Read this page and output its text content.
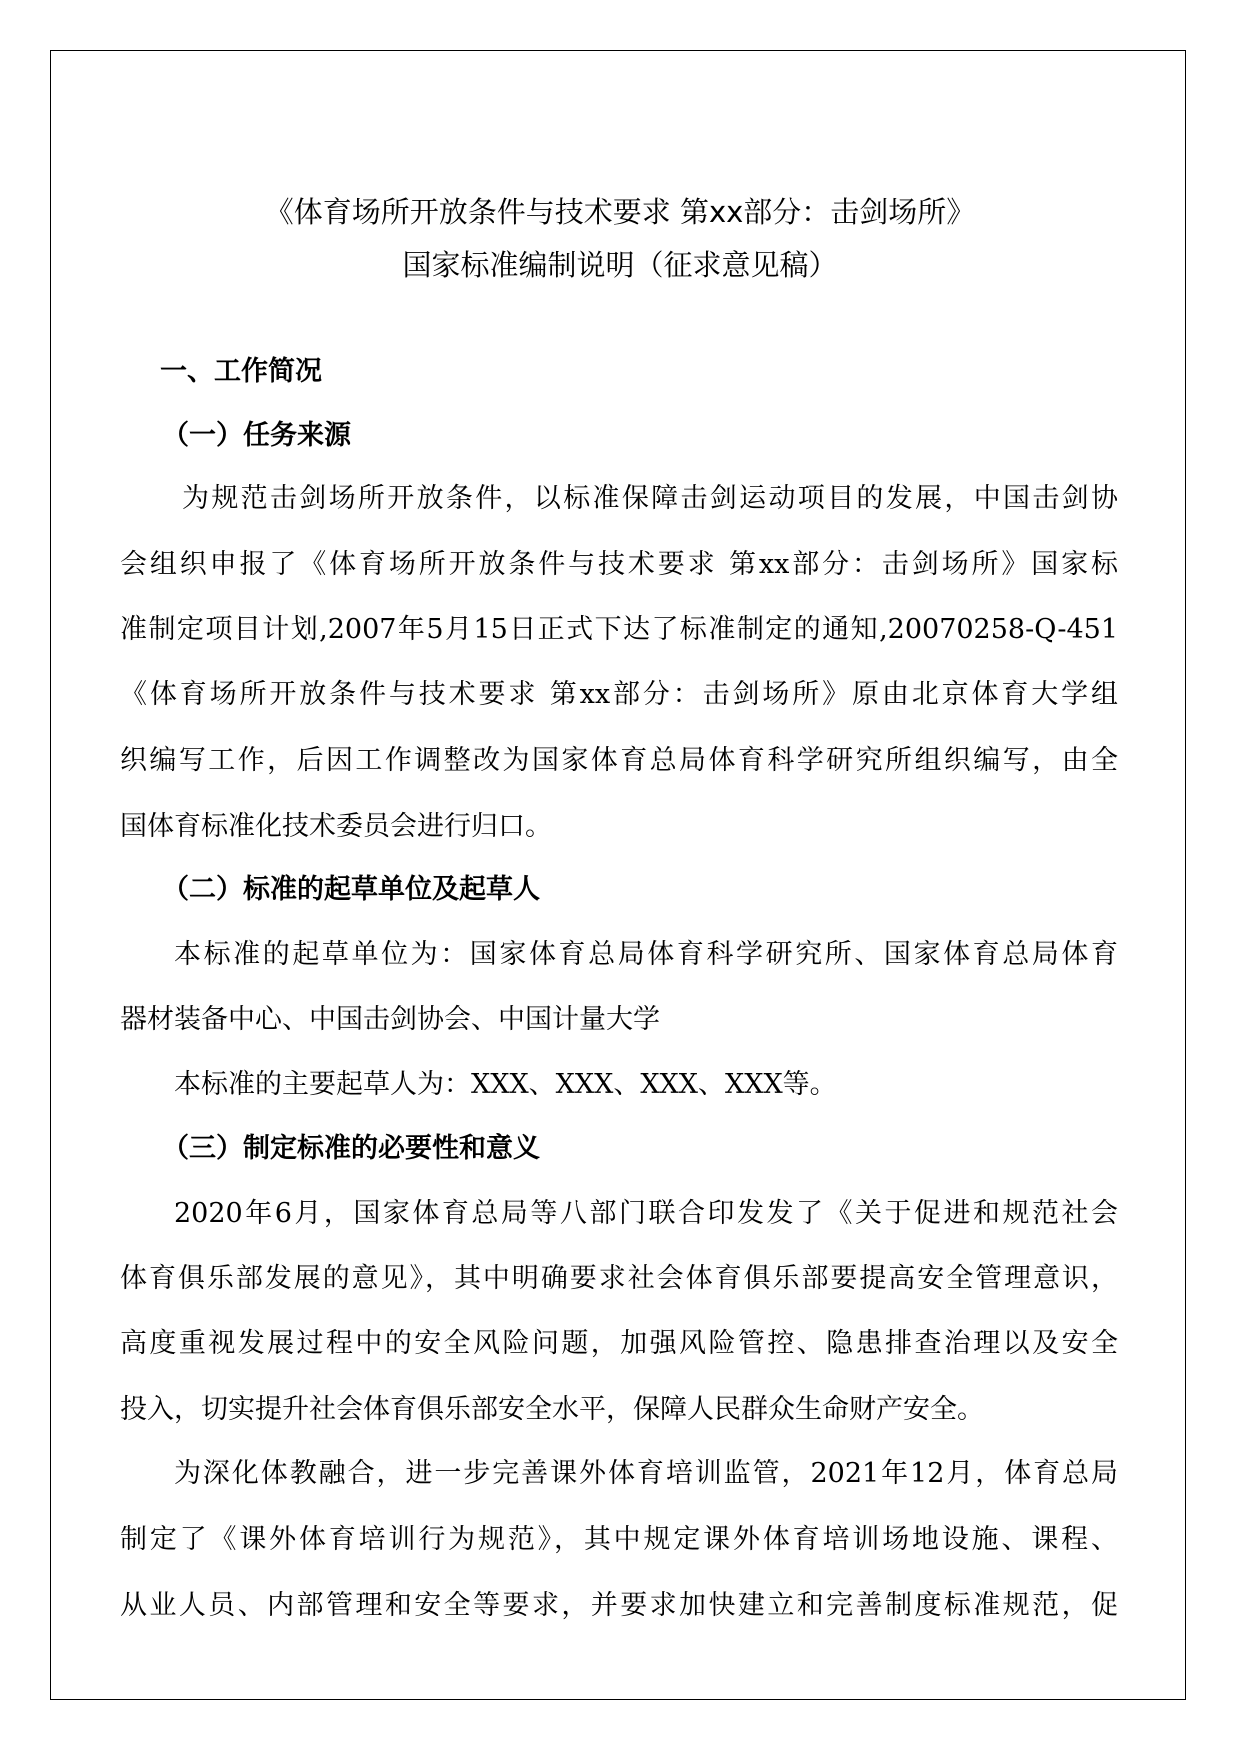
《体育场所开放条件与技术要求 第xx部分：击剑场所》
国家标准编制说明（征求意见稿）
一、工作简况
（一）任务来源
为规范击剑场所开放条件，以标准保障击剑运动项目的发展，中国击剑协
会组织申报了《体育场所开放条件与技术要求 第xx部分：击剑场所》国家标
准制定项目计划,2007年5月15日正式下达了标准制定的通知,20070258-Q-451
《体育场所开放条件与技术要求 第xx部分：击剑场所》原由北京体育大学组
织编写工作，后因工作调整改为国家体育总局体育科学研究所组织编写，由全
国体育标准化技术委员会进行归口。
（二）标准的起草单位及起草人
本标准的起草单位为：国家体育总局体育科学研究所、国家体育总局体育
器材装备中心、中国击剑协会、中国计量大学
本标准的主要起草人为：XXX、XXX、XXX、XXX等。
（三）制定标准的必要性和意义
2020年6月，国家体育总局等八部门联合印发发了《关于促进和规范社会
体育俱乐部发展的意见》，其中明确要求社会体育俱乐部要提高安全管理意识，
高度重视发展过程中的安全风险问题，加强风险管控、隐患排查治理以及安全
投入，切实提升社会体育俱乐部安全水平，保障人民群众生命财产安全。
为深化体教融合，进一步完善课外体育培训监管，2021年12月，体育总局
制定了《课外体育培训行为规范》，其中规定课外体育培训场地设施、课程、
从业人员、内部管理和安全等要求，并要求加快建立和完善制度标准规范，促
